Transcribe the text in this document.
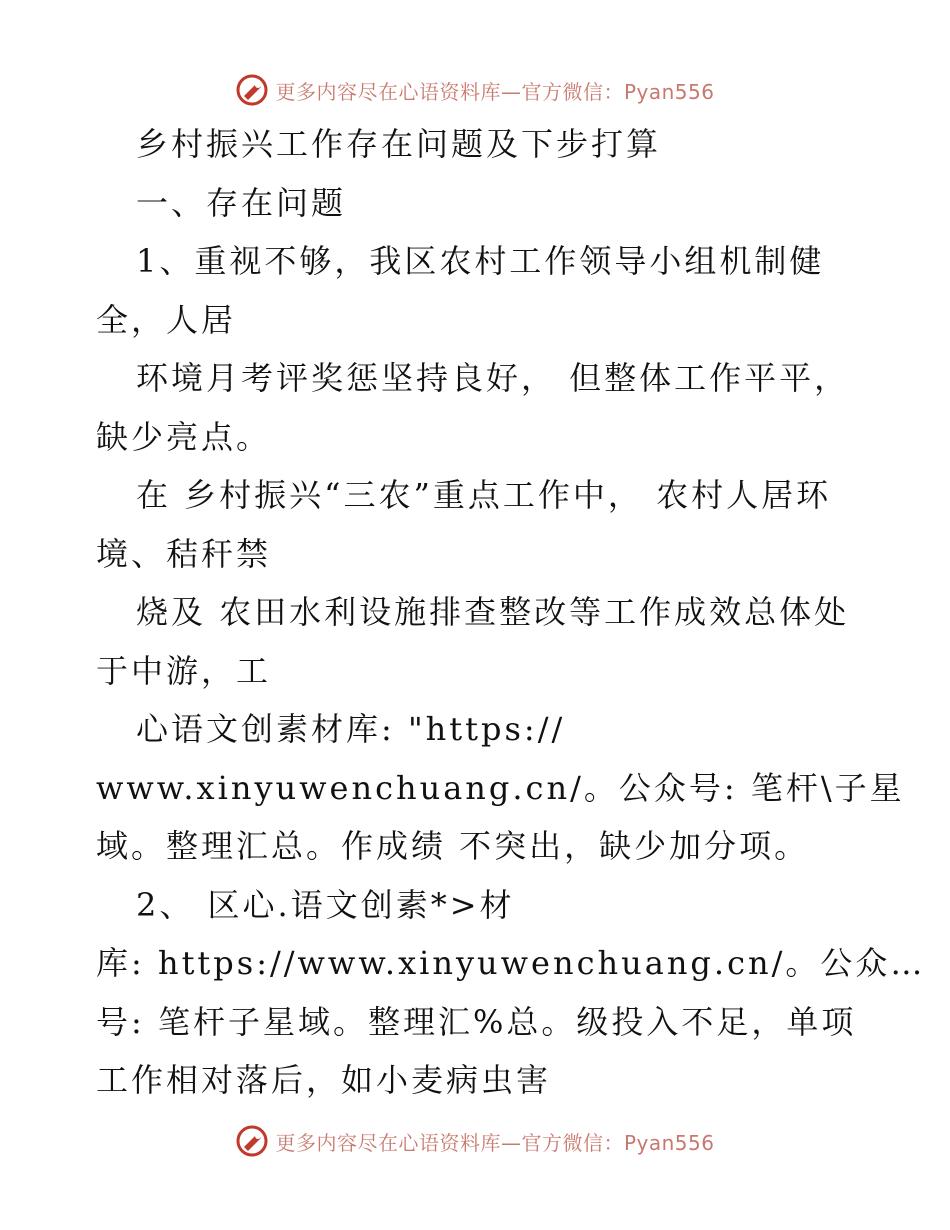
更多内容尽在心语资料库—官方微信：Pyan556

乡村振兴工作存在问题及下步打算

一、存在问题

1、重视不够，我区农村工作领导小组机制健

全，人居

环境月考评奖惩坚持良好， 但整体工作平平，

缺少亮点。

在 乡村振兴“三农”重点工作中， 农村人居环

境、秸秆禁

烧及 农田水利设施排查整改等工作成效总体处

于中游，工

心语文创素材库: "https://

www.xinyuwenchuang.cn/。公众号: 笔杆\子星

域。整理汇总。作成绩 不突出，缺少加分项。

2、 区心.语文创素*>材

库: https://www.xinyuwenchuang.cn/。公众…

号: 笔杆子星域。整理汇%总。级投入不足，单项

工作相对落后，如小麦病虫害

更多内容尽在心语资料库—官方微信：Pyan556
